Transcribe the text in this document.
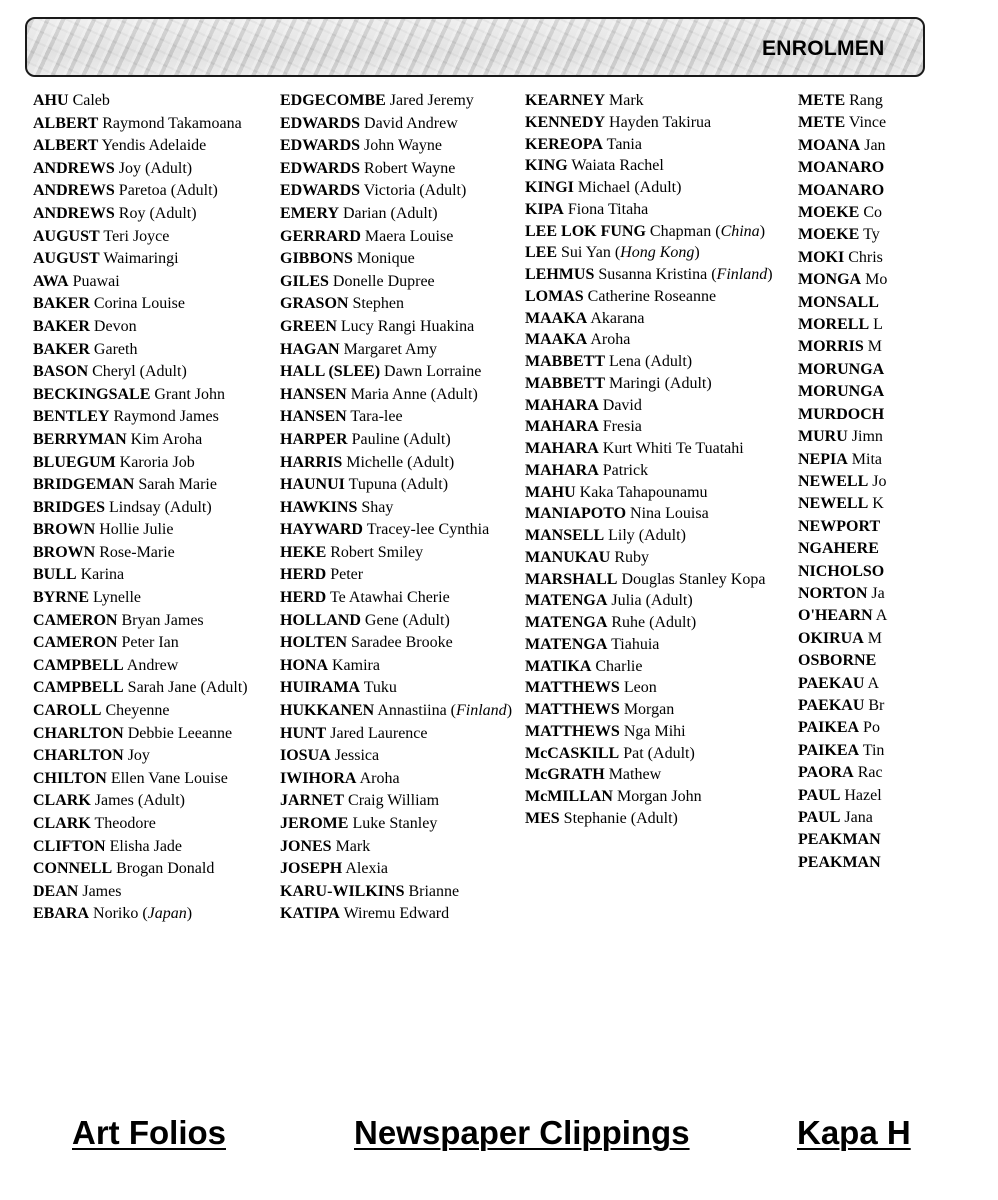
ENROLMEN
AHU Caleb
ALBERT Raymond Takamoana
ALBERT Yendis Adelaide
ANDREWS Joy (Adult)
ANDREWS Paretoa (Adult)
ANDREWS Roy (Adult)
AUGUST Teri Joyce
AUGUST Waimaringi
AWA Puawai
BAKER Corina Louise
BAKER Devon
BAKER Gareth
BASON Cheryl (Adult)
BECKINGSALE Grant John
BENTLEY Raymond James
BERRYMAN Kim Aroha
BLUEGUM Karoria Job
BRIDGEMAN Sarah Marie
BRIDGES Lindsay (Adult)
BROWN Hollie Julie
BROWN Rose-Marie
BULL Karina
BYRNE Lynelle
CAMERON Bryan James
CAMERON Peter Ian
CAMPBELL Andrew
CAMPBELL Sarah Jane (Adult)
CAROLL Cheyenne
CHARLTON Debbie Leeanne
CHARLTON Joy
CHILTON Ellen Vane Louise
CLARK James (Adult)
CLARK Theodore
CLIFTON Elisha Jade
CONNELL Brogan Donald
DEAN James
EBARA Noriko (Japan)
EDGECOMBE Jared Jeremy
EDWARDS David Andrew
EDWARDS John Wayne
EDWARDS Robert Wayne
EDWARDS Victoria (Adult)
EMERY Darian (Adult)
GERRARD Maera Louise
GIBBONS Monique
GILES Donelle Dupree
GRASON Stephen
GREEN Lucy Rangi Huakina
HAGAN Margaret Amy
HALL (SLEE) Dawn Lorraine
HANSEN Maria Anne (Adult)
HANSEN Tara-lee
HARPER Pauline (Adult)
HARRIS Michelle (Adult)
HAUNUI Tupuna (Adult)
HAWKINS Shay
HAYWARD Tracey-lee Cynthia
HEKE Robert Smiley
HERD Peter
HERD Te Atawhai Cherie
HOLLAND Gene (Adult)
HOLTEN Saradee Brooke
HONA Kamira
HUIRAMA Tuku
HUKKANEN Annastiina (Finland)
HUNT Jared Laurence
IOSUA Jessica
IWIHORA Aroha
JARNET Craig William
JEROME Luke Stanley
JONES Mark
JOSEPH Alexia
KARU-WILKINS Brianne
KATIPA Wiremu Edward
KEARNEY Mark
KENNEDY Hayden Takirua
KEREOPA Tania
KING Waiata Rachel
KINGI Michael (Adult)
KIPA Fiona Titaha
LEE LOK FUNG Chapman (China)
LEE Sui Yan (Hong Kong)
LEHMUS Susanna Kristina (Finland)
LOMAS Catherine Roseanne
MAAKA Akarana
MAAKA Aroha
MABBETT Lena (Adult)
MABBETT Maringi (Adult)
MAHARA David
MAHARA Fresia
MAHARA Kurt Whiti Te Tuatahi
MAHARA Patrick
MAHU Kaka Tahapounamu
MANIAPOTO Nina Louisa
MANSELL Lily (Adult)
MANUKAU Ruby
MARSHALL Douglas Stanley Kopa
MATENGA Julia (Adult)
MATENGA Ruhe (Adult)
MATENGA Tiahuia
MATIKA Charlie
MATTHEWS Leon
MATTHEWS Morgan
MATTHEWS Nga Mihi
McCASKILL Pat (Adult)
McGRATH Mathew
McMILLAN Morgan John
MES Stephanie (Adult)
METE Rang
METE Vince
MOANA Jan
MOANARO
MOANARO
MOEKE Co
MOEKE Ty
MOKI Chris
MONGA Mo
MONSALL
MORELL L
MORRIS M
MORUNGA
MORUNGA
MURDOCH
MURU Jimn
NEPIA Mita
NEWELL Jo
NEWELL K
NEWPORT
NGAHERE
NICHOLSO
NORTON Ja
O'HEARN A
OKIRUA M
OSBORNE
PAEKAU A
PAEKAU Br
PAIKEA Po
PAIKEA Tin
PAORA Rac
PAUL Hazel
PAUL Jana
PEAKMAN
PEAKMAN
Art Folios	Newspaper Clippings	Kapa H
